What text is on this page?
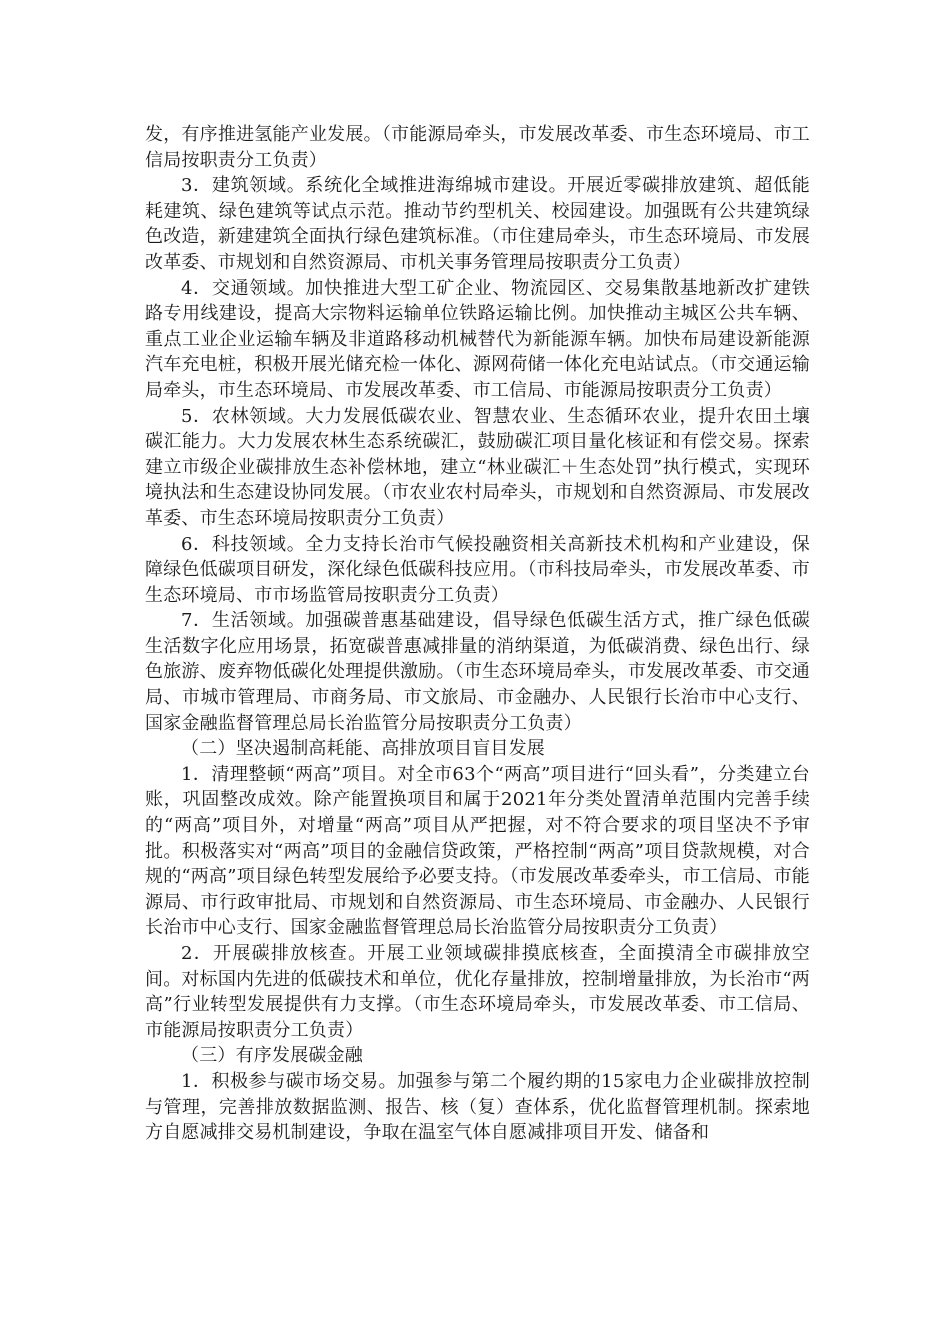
发，有序推进氢能产业发展。（市能源局牵头，市发展改革委、市生态环境局、市工信局按职责分工负责）

3．建筑领域。系统化全域推进海绵城市建设。开展近零碳排放建筑、超低能耗建筑、绿色建筑等试点示范。推动节约型机关、校园建设。加强既有公共建筑绿色改造，新建建筑全面执行绿色建筑标准。（市住建局牵头，市生态环境局、市发展改革委、市规划和自然资源局、市机关事务管理局按职责分工负责）

4．交通领域。加快推进大型工矿企业、物流园区、交易集散基地新改扩建铁路专用线建设，提高大宗物料运输单位铁路运输比例。加快推动主城区公共车辆、重点工业企业运输车辆及非道路移动机械替代为新能源车辆。加快布局建设新能源汽车充电桩，积极开展光储充检一体化、源网荷储一体化充电站试点。（市交通运输局牵头，市生态环境局、市发展改革委、市工信局、市能源局按职责分工负责）

5．农林领域。大力发展低碳农业、智慧农业、生态循环农业，提升农田土壤碳汇能力。大力发展农林生态系统碳汇，鼓励碳汇项目量化核证和有偿交易。探索建立市级企业碳排放生态补偿林地，建立“林业碳汇＋生态处罚”执行模式，实现环境执法和生态建设协同发展。（市农业农村局牵头，市规划和自然资源局、市发展改革委、市生态环境局按职责分工负责）

6．科技领域。全力支持长治市气候投融资相关高新技术机构和产业建设，保障绿色低碳项目研发，深化绿色低碳科技应用。（市科技局牵头，市发展改革委、市生态环境局、市市场监管局按职责分工负责）

7．生活领域。加强碳普惠基础建设，倡导绿色低碳生活方式，推广绿色低碳生活数字化应用场景，拓宽碳普惠减排量的消纳渠道，为低碳消费、绿色出行、绿色旅游、废弃物低碳化处理提供激励。（市生态环境局牵头，市发展改革委、市交通局、市城市管理局、市商务局、市文旅局、市金融办、人民银行长治市中心支行、国家金融监督管理总局长治监管分局按职责分工负责）

（二）坚决遏制高耗能、高排放项目盲目发展

1．清理整顿“两高”项目。对全市63个“两高”项目进行“回头看”，分类建立台账，巩固整改成效。除产能置换项目和属于2021年分类处置清单范围内完善手续的“两高”项目外，对增量“两高”项目从严把握，对不符合要求的项目坚决不予审批。积极落实对“两高”项目的金融信贷政策，严格控制“两高”项目贷款规模，对合规的“两高”项目绿色转型发展给予必要支持。（市发展改革委牵头，市工信局、市能源局、市行政审批局、市规划和自然资源局、市生态环境局、市金融办、人民银行长治市中心支行、国家金融监督管理总局长治监管分局按职责分工负责）

2．开展碳排放核查。开展工业领域碳排摸底核查，全面摸清全市碳排放空间。对标国内先进的低碳技术和单位，优化存量排放，控制增量排放，为长治市“两高”行业转型发展提供有力支撑。（市生态环境局牵头，市发展改革委、市工信局、市能源局按职责分工负责）

（三）有序发展碳金融

1．积极参与碳市场交易。加强参与第二个履约期的15家电力企业碳排放控制与管理，完善排放数据监测、报告、核（复）查体系，优化监督管理机制。探索地方自愿减排交易机制建设，争取在温室气体自愿减排项目开发、储备和
